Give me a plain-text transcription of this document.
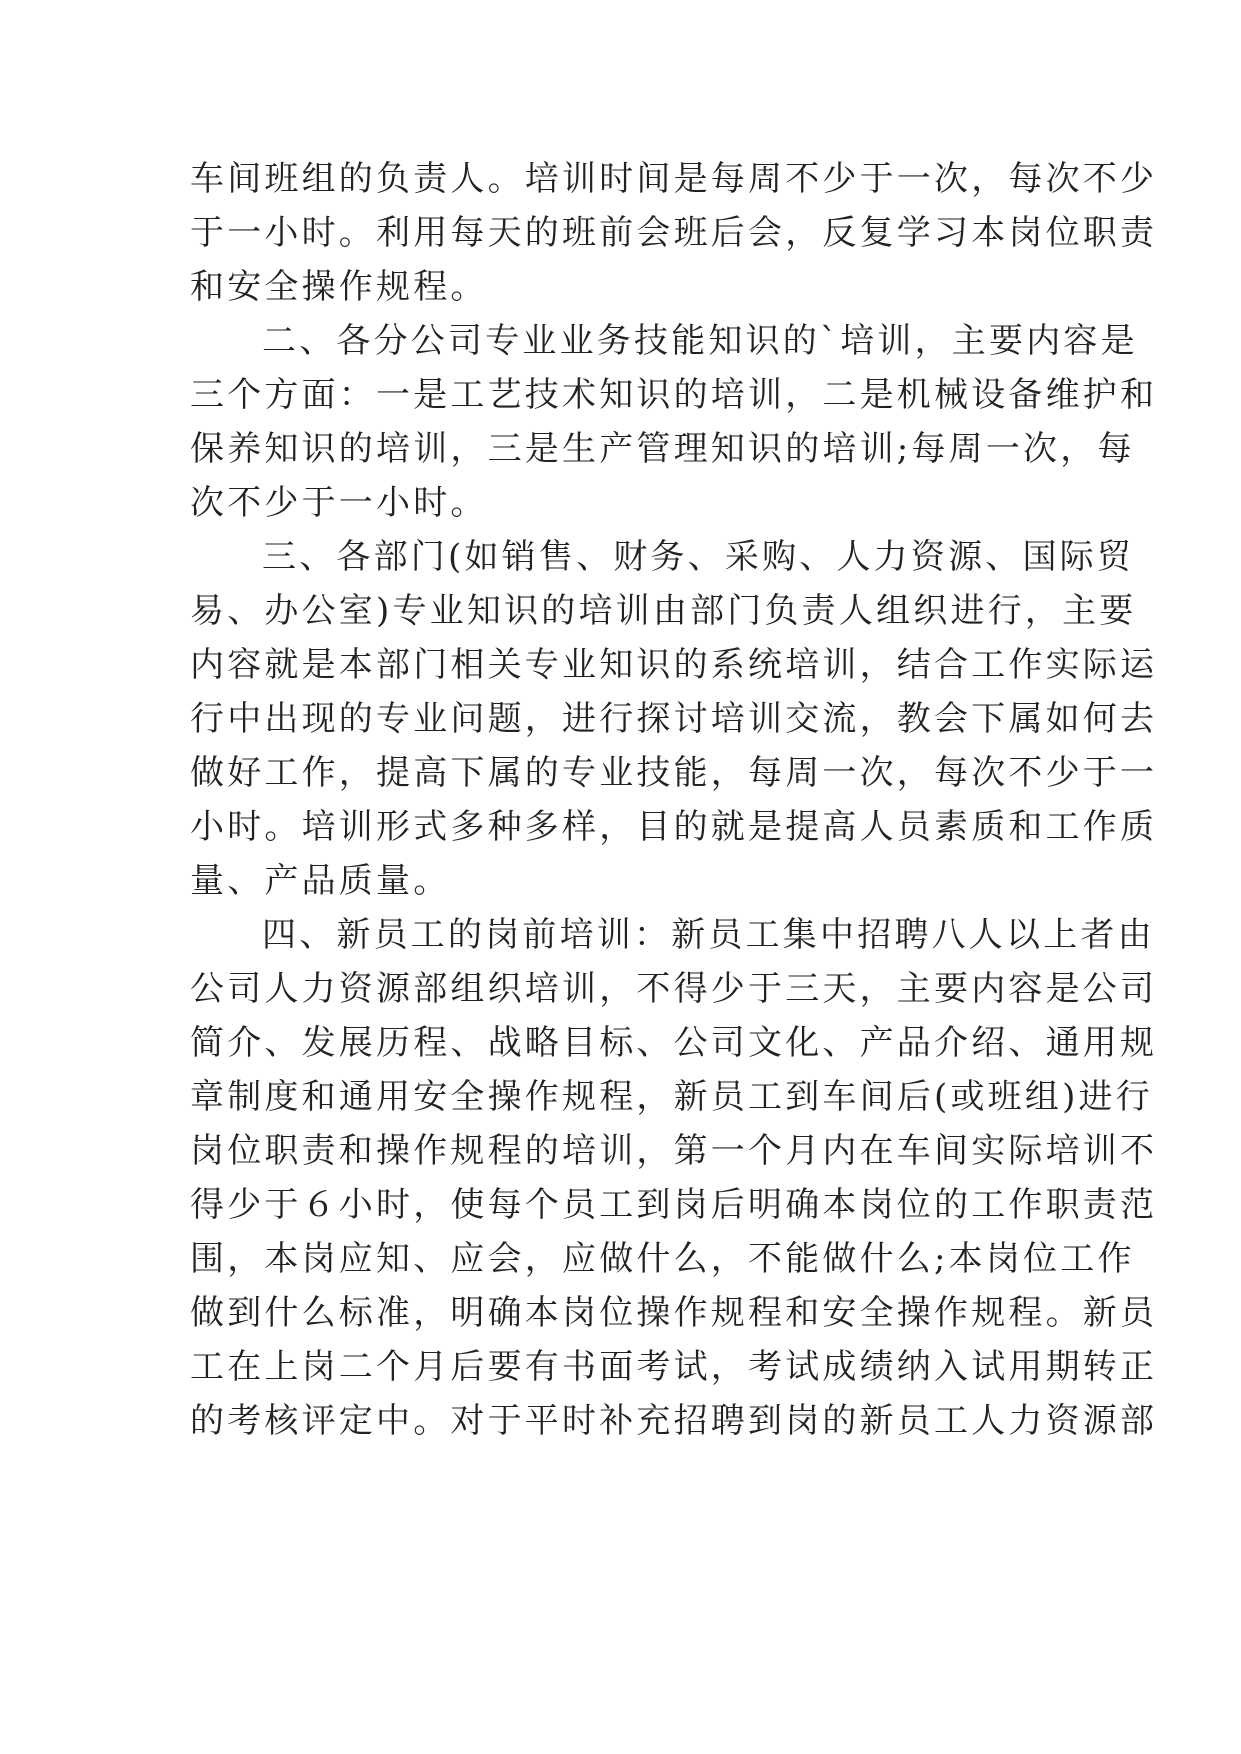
车间班组的负责人。培训时间是每周不少于一次，每次不少
于一小时。利用每天的班前会班后会，反复学习本岗位职责
和安全操作规程。
二、各分公司专业业务技能知识的`培训，主要内容是
三个方面：一是工艺技术知识的培训，二是机械设备维护和
保养知识的培训，三是生产管理知识的培训;每周一次，每
次不少于一小时。
三、各部门(如销售、财务、采购、人力资源、国际贸
易、办公室)专业知识的培训由部门负责人组织进行，主要
内容就是本部门相关专业知识的系统培训，结合工作实际运
行中出现的专业问题，进行探讨培训交流，教会下属如何去
做好工作，提高下属的专业技能，每周一次，每次不少于一
小时。培训形式多种多样，目的就是提高人员素质和工作质
量、产品质量。
四、新员工的岗前培训：新员工集中招聘八人以上者由
公司人力资源部组织培训，不得少于三天，主要内容是公司
简介、发展历程、战略目标、公司文化、产品介绍、通用规
章制度和通用安全操作规程，新员工到车间后(或班组)进行
岗位职责和操作规程的培训，第一个月内在车间实际培训不
得少于６小时，使每个员工到岗后明确本岗位的工作职责范
围，本岗应知、应会，应做什么，不能做什么;本岗位工作
做到什么标准，明确本岗位操作规程和安全操作规程。新员
工在上岗二个月后要有书面考试，考试成绩纳入试用期转正
的考核评定中。对于平时补充招聘到岗的新员工人力资源部
